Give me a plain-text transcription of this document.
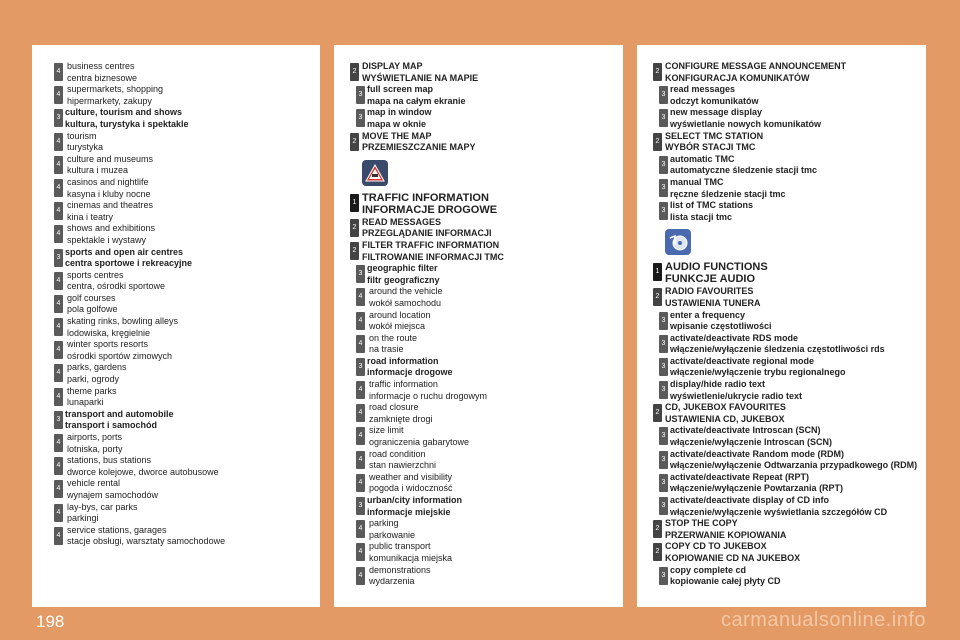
4
business centres
centra biznesowe
4
supermarkets, shopping
hipermarkety, zakupy
3
culture, tourism and shows
kultura, turystyka i spektakle
4
tourism
turystyka
4
culture and museums
kultura i muzea
4
casinos and nightlife
kasyna i kluby nocne
4
cinemas and theatres
kina i teatry
4
shows and exhibitions
spektakle i wystawy
3
sports and open air centres
centra sportowe i rekreacyjne
4
sports centres
centra, ośrodki sportowe
4
golf courses
pola golfowe
4
skating rinks, bowling alleys
lodowiska, kręgielnie
4
winter sports resorts
ośrodki sportów zimowych
4
parks, gardens
parki, ogrody
4
theme parks
lunaparki
3
transport and automobile
transport i samochód
4
airports, ports
lotniska, porty
4
stations, bus stations
dworce kolejowe, dworce autobusowe
4
vehicle rental
wynajem samochodów
4
lay-bys, car parks
parkingi
4
service stations, garages
stacje obsługi, warsztaty samochodowe
2
DISPLAY MAP
WYŚWIETLANIE NA MAPIE
3
full screen map
mapa na całym ekranie
3
map in window
mapa w oknie
2
MOVE THE MAP
PRZEMIESZCZANIE MAPY
1 TRAFFIC INFORMATION
INFORMACJE DROGOWE
2
READ MESSAGES
PRZEGLĄDANIE INFORMACJI
2
FILTER TRAFFIC INFORMATION
FILTROWANIE INFORMACJI TMC
3
geographic filter
filtr geograficzny
4
around the vehicle
wokół samochodu
4
around location
wokół miejsca
4
on the route
na trasie
3
road information
informacje drogowe
4
traffic information
informacje o ruchu drogowym
4
road closure
zamknięte drogi
4
size limit
ograniczenia gabarytowe
4
road condition
stan nawierzchni
4
weather and visibility
pogoda i widoczność
3
urban/city information
informacje miejskie
4
parking
parkowanie
4
public transport
komunikacja miejska
4
demonstrations
wydarzenia
2
CONFIGURE MESSAGE ANNOUNCEMENT
KONFIGURACJA KOMUNIKATÓW
3
read messages
odczyt komunikatów
3
new message display
wyświetlanie nowych komunikatów
2
SELECT TMC STATION
WYBÓR STACJI TMC
3
automatic TMC
automatyczne śledzenie stacji tmc
3
manual TMC
ręczne śledzenie stacji tmc
3
list of TMC stations
lista stacji tmc
1 AUDIO FUNCTIONS
FUNKCJE AUDIO
2
RADIO FAVOURITES
USTAWIENIA TUNERA
3
enter a frequency
wpisanie częstotliwości
3
activate/deactivate RDS mode
włączenie/wyłączenie śledzenia częstotliwości rds
3
activate/deactivate regional mode
włączenie/wyłączenie trybu regionalnego
3
display/hide radio text
wyświetlenie/ukrycie radio text
2
CD, JUKEBOX FAVOURITES
USTAWIENIA CD, JUKEBOX
3
activate/deactivate Introscan (SCN)
włączenie/wyłączenie Introscan (SCN)
3
activate/deactivate Random mode (RDM)
włączenie/wyłączenie Odtwarzania przypadkowego (RDM)
3
activate/deactivate Repeat (RPT)
włączenie/wyłączenie Powtarzania (RPT)
3
activate/deactivate display of CD info
włączenie/wyłączenie wyświetlania szczegółów CD
2
STOP THE COPY
PRZERWANIE KOPIOWANIA
2
COPY CD TO JUKEBOX
KOPIOWANIE CD NA JUKEBOX
3
copy complete cd
kopiowanie całej płyty CD
198	carmanualsonline.info
